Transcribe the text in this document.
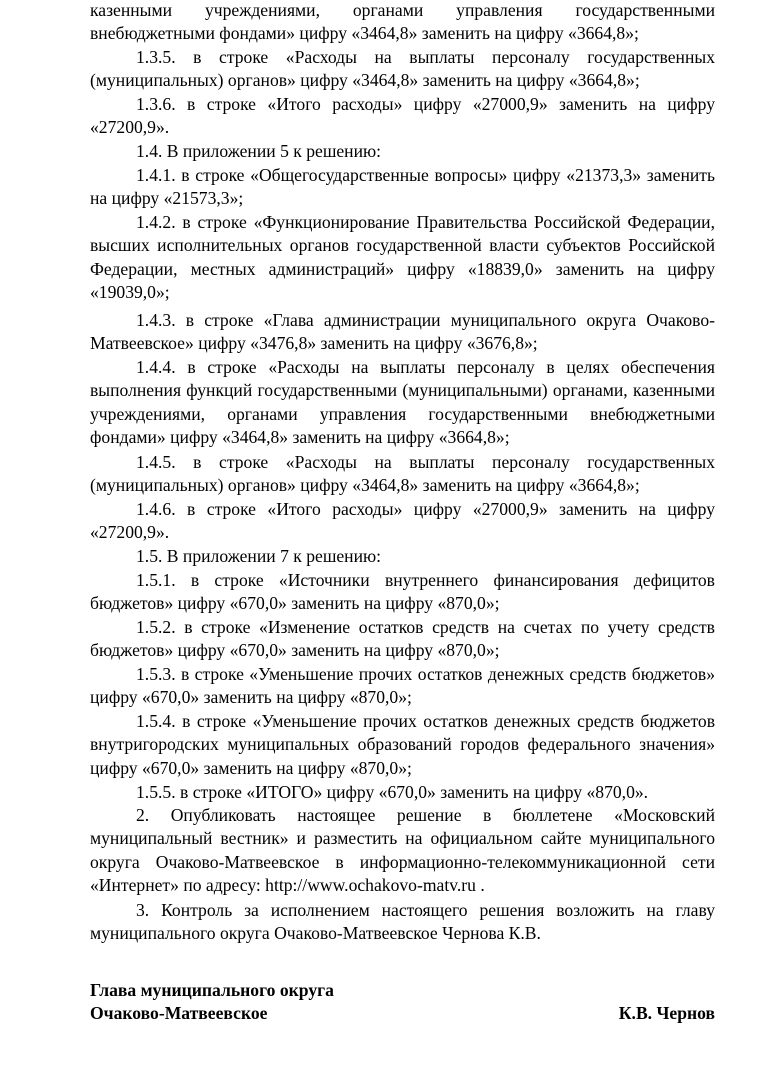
казенными учреждениями, органами управления государственными внебюджетными фондами» цифру «3464,8» заменить на цифру «3664,8»;

1.3.5. в строке «Расходы на выплаты персоналу государственных (муниципальных) органов» цифру «3464,8» заменить на цифру «3664,8»;

1.3.6. в строке «Итого расходы» цифру «27000,9» заменить на цифру «27200,9».

1.4. В приложении 5 к решению:

1.4.1. в строке «Общегосударственные вопросы» цифру «21373,3» заменить на цифру «21573,3»;

1.4.2. в строке «Функционирование Правительства Российской Федерации, высших исполнительных органов государственной власти субъектов Российской Федерации, местных администраций» цифру «18839,0» заменить на цифру «19039,0»;

1.4.3. в строке «Глава администрации муниципального округа Очаково-Матвеевское» цифру «3476,8» заменить на цифру «3676,8»;

1.4.4. в строке «Расходы на выплаты персоналу в целях обеспечения выполнения функций государственными (муниципальными) органами, казенными учреждениями, органами управления государственными внебюджетными фондами» цифру «3464,8» заменить на цифру «3664,8»;

1.4.5. в строке «Расходы на выплаты персоналу государственных (муниципальных) органов» цифру «3464,8» заменить на цифру «3664,8»;

1.4.6. в строке «Итого расходы» цифру «27000,9» заменить на цифру «27200,9».

1.5. В приложении 7 к решению:

1.5.1. в строке «Источники внутреннего финансирования дефицитов бюджетов» цифру «670,0» заменить на цифру «870,0»;

1.5.2. в строке «Изменение остатков средств на счетах по учету средств бюджетов» цифру «670,0» заменить на цифру «870,0»;

1.5.3. в строке «Уменьшение прочих остатков денежных средств бюджетов» цифру «670,0» заменить на цифру «870,0»;

1.5.4. в строке «Уменьшение прочих остатков денежных средств бюджетов внутригородских муниципальных образований городов федерального значения» цифру «670,0» заменить на цифру «870,0»;

1.5.5. в строке «ИТОГО» цифру «670,0» заменить на цифру «870,0».

2. Опубликовать настоящее решение в бюллетене «Московский муниципальный вестник» и разместить на официальном сайте муниципального округа Очаково-Матвеевское в информационно-телекоммуникационной сети «Интернет» по адресу: http://www.ochakovo-matv.ru .

3. Контроль за исполнением настоящего решения возложить на главу муниципального округа Очаково-Матвеевское Чернова К.В.

Глава муниципального округа
Очаково-Матвеевское	К.В. Чернов
